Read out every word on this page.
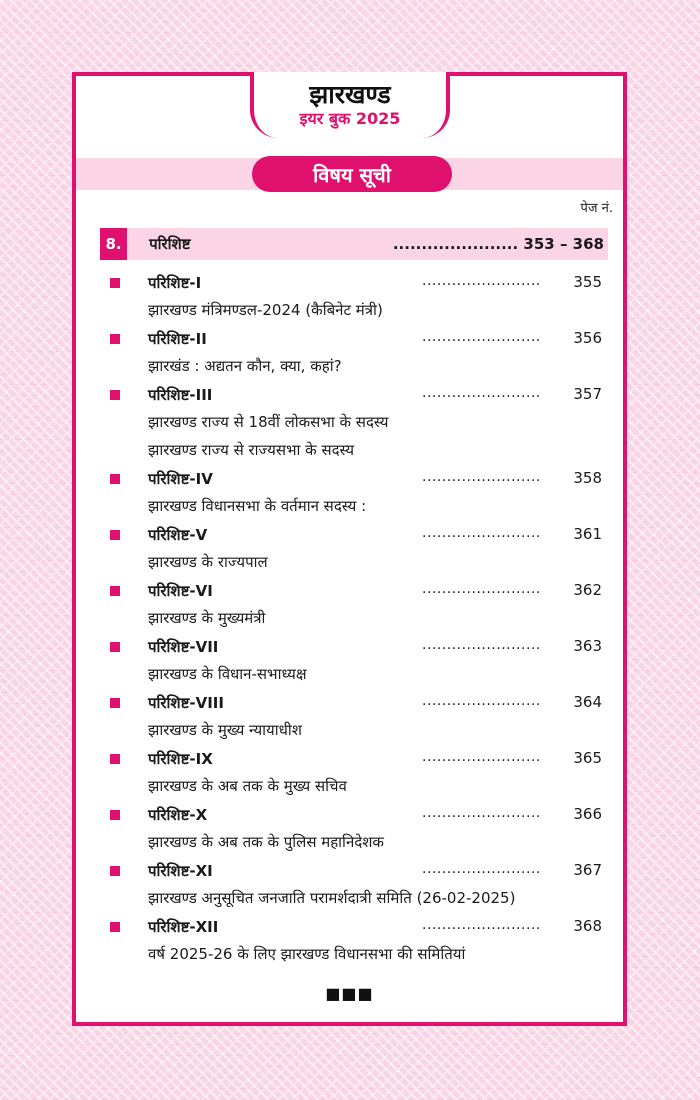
झारखण्ड
इयर बुक 2025
विषय सूची
पेज नं.
8.	परिशिष्ट	...................... 353 – 368
परिशिष्ट-I	........................ 355
झारखण्ड मंत्रिमण्डल-2024 (कैबिनेट मंत्री)
परिशिष्ट-II	........................ 356
झारखंड : अद्यतन कौन, क्या, कहां?
परिशिष्ट-III	........................ 357
झारखण्ड राज्य से 18वीं लोकसभा के सदस्य
झारखण्ड राज्य से राज्यसभा के सदस्य
परिशिष्ट-IV	........................ 358
झारखण्ड विधानसभा के वर्तमान सदस्य :
परिशिष्ट-V	........................ 361
झारखण्ड के राज्यपाल
परिशिष्ट-VI	........................ 362
झारखण्ड के मुख्यमंत्री
परिशिष्ट-VII	........................ 363
झारखण्ड के विधान-सभाध्यक्ष
परिशिष्ट-VIII	........................ 364
झारखण्ड के मुख्य न्यायाधीश
परिशिष्ट-IX	........................ 365
झारखण्ड के अब तक के मुख्य सचिव
परिशिष्ट-X	........................ 366
झारखण्ड के अब तक के पुलिस महानिदेशक
परिशिष्ट-XI	........................ 367
झारखण्ड अनुसूचित जनजाति परामर्शदात्री समिति (26-02-2025)
परिशिष्ट-XII	........................ 368
वर्ष 2025-26 के लिए झारखण्ड विधानसभा की समितियां
■■■
